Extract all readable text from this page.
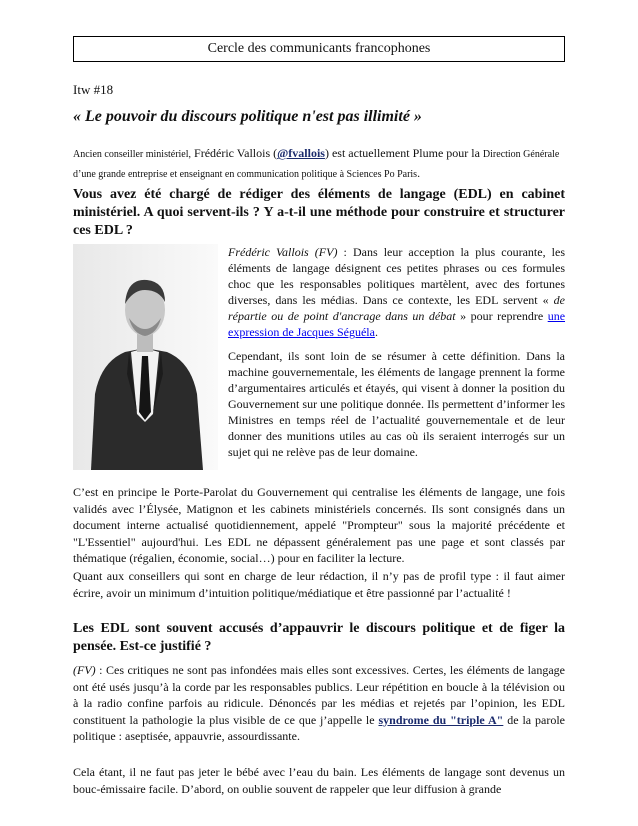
Cercle des communicants francophones
Itw #18
« Le pouvoir du discours politique n'est pas illimité »
Ancien conseiller ministériel, Frédéric Vallois (@fvallois) est actuellement Plume pour la Direction Générale d’une grande entreprise et enseignant en communication politique à Sciences Po Paris.
Vous avez été chargé de rédiger des éléments de langage (EDL) en cabinet ministériel. A quoi servent-ils ? Y a-t-il une méthode pour construire et structurer ces EDL ?

Frédéric Vallois (FV) : Dans leur acception la plus courante, les éléments de langage désignent ces petites phrases ou ces formules choc que les responsables politiques martèlent, avec des fortunes diverses, dans les médias. Dans ce contexte, les EDL servent « de répartie ou de point d'ancrage dans un débat » pour reprendre une expression de Jacques Séguéla.

Cependant, ils sont loin de se résumer à cette définition. Dans la machine gouvernementale, les éléments de langage prennent la forme d’argumentaires articulés et étayés, qui visent à donner la position du Gouvernement sur une politique donnée. Ils permettent d’informer les Ministres en temps réel de l’actualité gouvernementale et de leur donner des munitions utiles au cas où ils seraient interrogés sur un sujet qui ne relève pas de leur domaine.

C’est en principe le Porte-Parolat du Gouvernement qui centralise les éléments de langage, une fois validés avec l’Élysée, Matignon et les cabinets ministériels concernés. Ils sont consignés dans un document interne actualisé quotidiennement, appelé "Prompteur" sous la majorité précédente et "L'Essentiel" aujourd'hui. Les EDL ne dépassent généralement pas une page et sont classés par thématique (régalien, économie, social…) pour en faciliter la lecture.

Quant aux conseillers qui sont en charge de leur rédaction, il n’y pas de profil type : il faut aimer écrire, avoir un minimum d’intuition politique/médiatique et être passionné par l’actualité !

Les EDL sont souvent accusés d’appauvrir le discours politique et de figer la pensée. Est-ce justifié ?

(FV) : Ces critiques ne sont pas infondées mais elles sont excessives. Certes, les éléments de langage ont été usés jusqu’à la corde par les responsables publics. Leur répétition en boucle à la télévision ou à la radio confine parfois au ridicule. Dénoncés par les médias et rejetés par l’opinion, les EDL constituent la pathologie la plus visible de ce que j’appelle le syndrome du "triple A" de la parole politique : aseptisée, appauvrie, assourdissante.

Cela étant, il ne faut pas jeter le bébé avec l’eau du bain. Les éléments de langage sont devenus un bouc-émissaire facile. D’abord, on oublie souvent de rappeler que leur diffusion à grande
